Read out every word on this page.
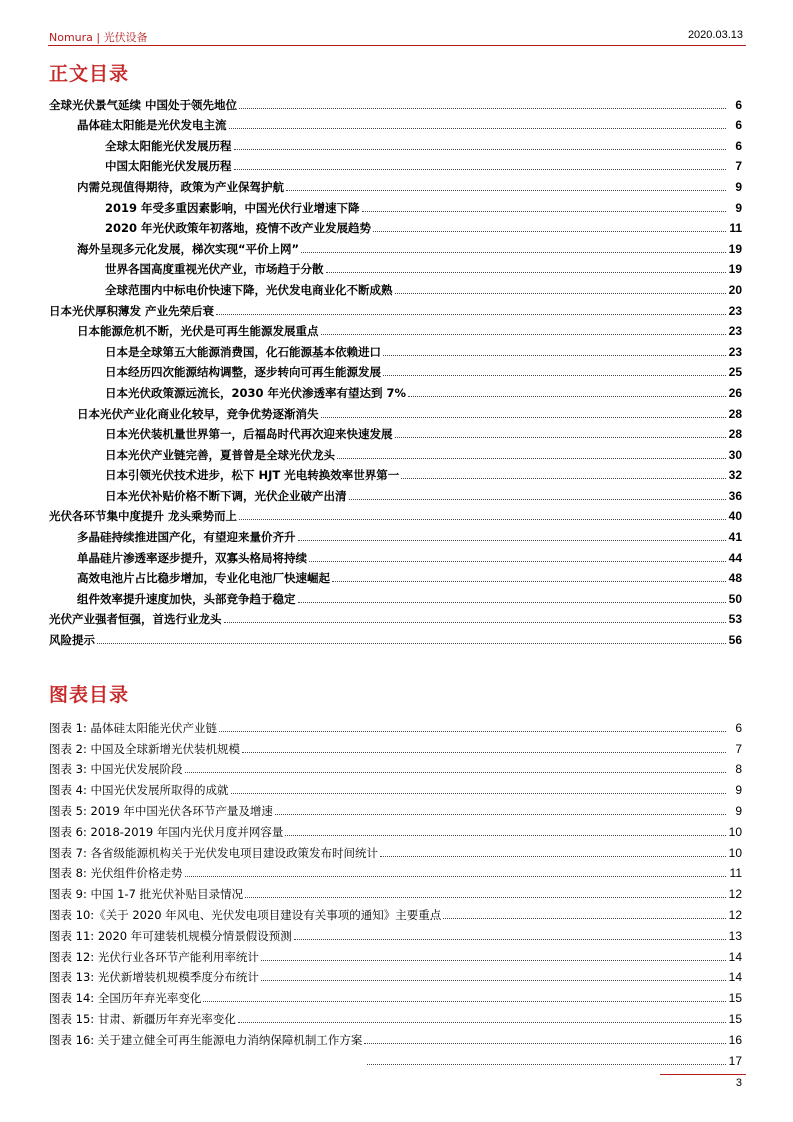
Nomura | 光伏设备	2020.03.13
正文目录
全球光伏景气延续 中国处于领先地位	6
晶体硅太阳能是光伏发电主流	6
全球太阳能光伏发展历程	6
中国太阳能光伏发展历程	7
内需兑现值得期待，政策为产业保驾护航	9
2019 年受多重因素影响，中国光伏行业增速下降	9
2020 年光伏政策年初落地，疫情不改产业发展趋势	11
海外呈现多元化发展，梯次实现“平价上网”	19
世界各国高度重视光伏产业，市场趋于分散	19
全球范围内中标电价快速下降，光伏发电商业化不断成熟	20
日本光伏厚积薄发 产业先荣后衰	23
日本能源危机不断，光伏是可再生能源发展重点	23
日本是全球第五大能源消费国，化石能源基本依赖进口	23
日本经历四次能源结构调整，逐步转向可再生能源发展	25
日本光伏政策源远流长，2030 年光伏渗透率有望达到 7%	26
日本光伏产业化商业化较早，竞争优势逐渐消失	28
日本光伏装机量世界第一，后福岛时代再次迎来快速发展	28
日本光伏产业链完善，夏普曾是全球光伏龙头	30
日本引领光伏技术进步，松下 HJT 光电转换效率世界第一	32
日本光伏补贴价格不断下调，光伏企业破产出清	36
光伏各环节集中度提升 龙头乘势而上	40
多晶硅持续推进国产化，有望迎来量价齐升	41
单晶硅片渗透率逐步提升，双寡头格局将持续	44
高效电池片占比稳步增加，专业化电池厂快速崛起	48
组件效率提升速度加快，头部竞争趋于稳定	50
光伏产业强者恒强，首选行业龙头	53
风险提示	56
图表目录
图表 1: 晶体硅太阳能光伏产业链	6
图表 2: 中国及全球新增光伏装机规模	7
图表 3: 中国光伏发展阶段	8
图表 4: 中国光伏发展所取得的成就	9
图表 5: 2019 年中国光伏各环节产量及增速	9
图表 6: 2018-2019 年国内光伏月度并网容量	10
图表 7: 各省级能源机构关于光伏发电项目建设政策发布时间统计	10
图表 8: 光伏组件价格走势	11
图表 9: 中国 1-7 批光伏补贴目录情况	12
图表 10:《关于 2020 年风电、光伏发电项目建设有关事项的通知》主要重点	12
图表 11: 2020 年可建装机规模分情景假设预测	13
图表 12: 光伏行业各环节产能利用率统计	14
图表 13: 光伏新增装机规模季度分布统计	14
图表 14: 全国历年弃光率变化	15
图表 15: 甘肃、新疆历年弃光率变化	15
图表 16: 关于建立健全可再生能源电力消纳保障机制工作方案	16
17
3
